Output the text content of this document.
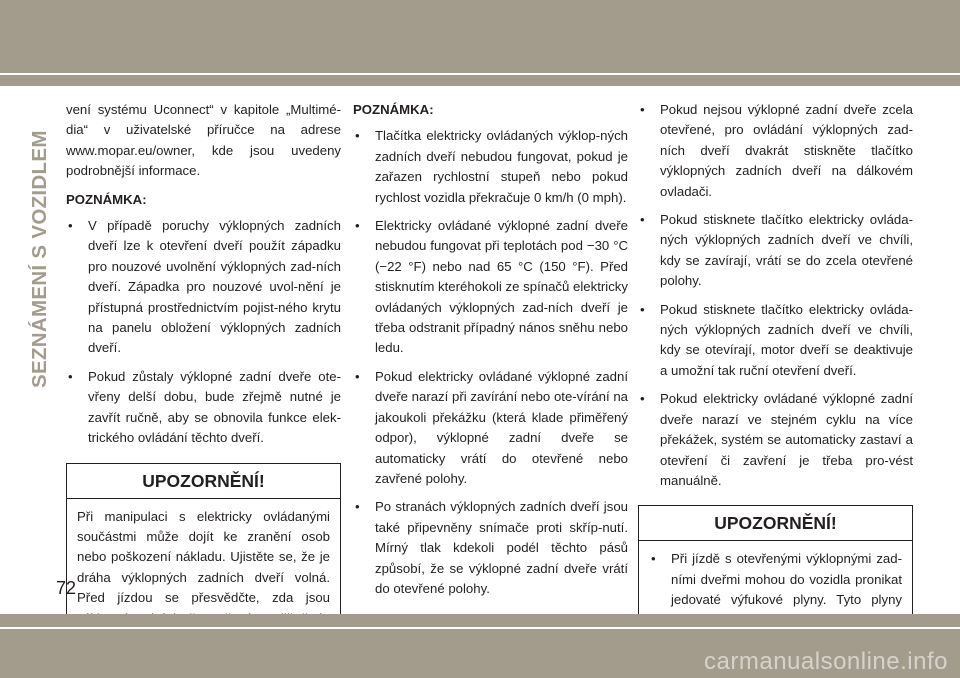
SEZNÁMENÍ S VOZIDLEM

vení systému Uconnect“ v kapitole „Multimé-dia“ v uživatelské příručce na adrese www.mopar.eu/owner, kde jsou uvedeny podrobnější informace.

POZNÁMKA:

• V případě poruchy výklopných zadních dveří lze k otevření dveří použít západku pro nouzové uvolnění výklopných zad-ních dveří. Západka pro nouzové uvol-nění je přístupná prostřednictvím pojist-ného krytu na panelu obložení výklopných zadních dveří.
• Pokud zůstaly výklopné zadní dveře ote-vřeny delší dobu, bude zřejmě nutné je zavřít ručně, aby se obnovila funkce elek-trického ovládání těchto dveří.
UPOZORNĚNÍ!

Při manipulaci s elektricky ovládanými součástmi může dojít ke zranění osob nebo poškození nákladu. Ujistěte se, že je dráha výklopných zadních dveří volná. Před jízdou se přesvědčte, zda jsou

POZNÁMKA:

• Tlačítka elektricky ovládaných výklop-ných zadních dveří nebudou fungovat, pokud je zařazen rychlostní stupeň nebo pokud rychlost vozidla překračuje 0 km/h (0 mph).
• Elektricky ovládané výklopné zadní dveře nebudou fungovat při teplotách pod −30 °C (−22 °F) nebo nad 65 °C (150 °F). Před stisknutím kteréhokoli ze spínačů elektricky ovládaných výklopných zad-ních dveří je třeba odstranit případný nános sněhu nebo ledu.
• Pokud elektricky ovládané výklopné zadní dveře narazí při zavírání nebo ote-vírání na jakoukoli překážku (která klade přiměřený odpor), výklopné zadní dveře se automaticky vrátí do otevřené nebo zavřené polohy.
• Po stranách výklopných zadních dveří jsou také připevněny snímače proti skříp-nutí. Mírný tlak kdekoli podél těchto pásů způsobí, že se výklopné zadní dveře vrátí do otevřené polohy.
• Pokud nejsou výklopné zadní dveře zcela otevřené, pro ovládání výklopných zad-ních dveří dvakrát stiskněte tlačítko výklopných zadních dveří na dálkovém ovladači.
• Pokud stisknete tlačítko elektricky ovláda-ných výklopných zadních dveří ve chvíli, kdy se zavírají, vrátí se do zcela otevřené polohy.
• Pokud stisknete tlačítko elektricky ovláda-ných výklopných zadních dveří ve chvíli, kdy se otevírají, motor dveří se deaktivuje a umožní tak ruční otevření dveří.
• Pokud elektricky ovládané výklopné zadní dveře narazí ve stejném cyklu na více překážek, systém se automaticky zastaví a otevření či zavření je třeba pro-vést manuálně.
UPOZORNĚNÍ!
• Při jízdě s otevřenými výklopnými zad-ními dveřmi mohou do vozidla pronikat jedovaté výfukové plyny. Tyto plyny
72
carmanualsonline.info
